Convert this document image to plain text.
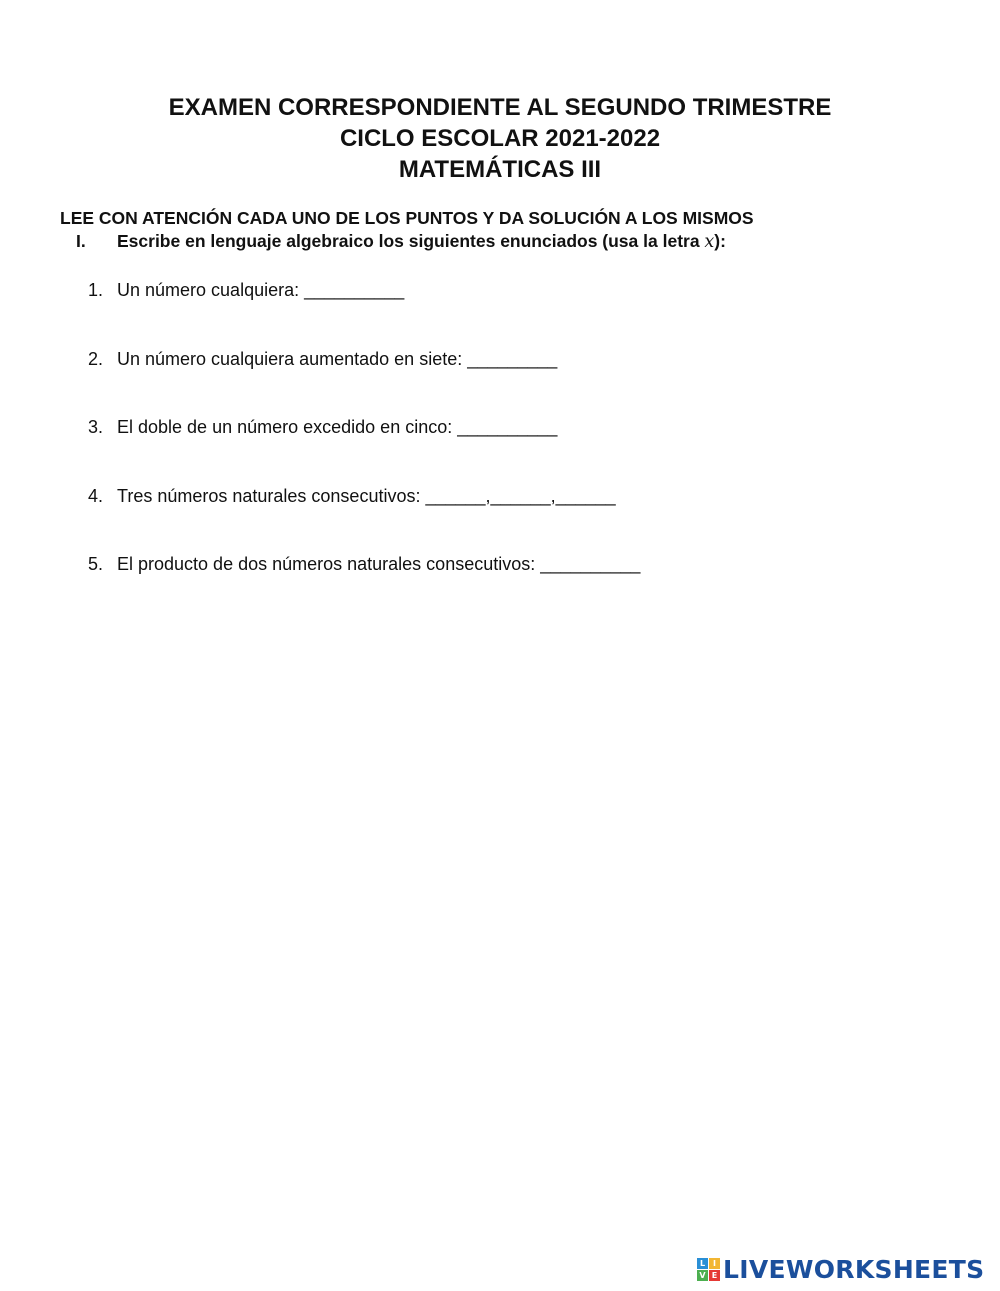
EXAMEN CORRESPONDIENTE AL SEGUNDO TRIMESTRE
CICLO ESCOLAR 2021-2022
MATEMÁTICAS III
LEE CON ATENCIÓN CADA UNO DE LOS PUNTOS Y DA SOLUCIÓN A LOS MISMOS
I. Escribe en lenguaje algebraico los siguientes enunciados (usa la letra x):
1. Un número cualquiera: __________
2. Un número cualquiera aumentado en siete: _________
3. El doble de un número excedido en cinco: __________
4. Tres números naturales consecutivos: ______,______,______
5. El producto de dos números naturales consecutivos: __________
L I
V E LIVEWORKSHEETS
